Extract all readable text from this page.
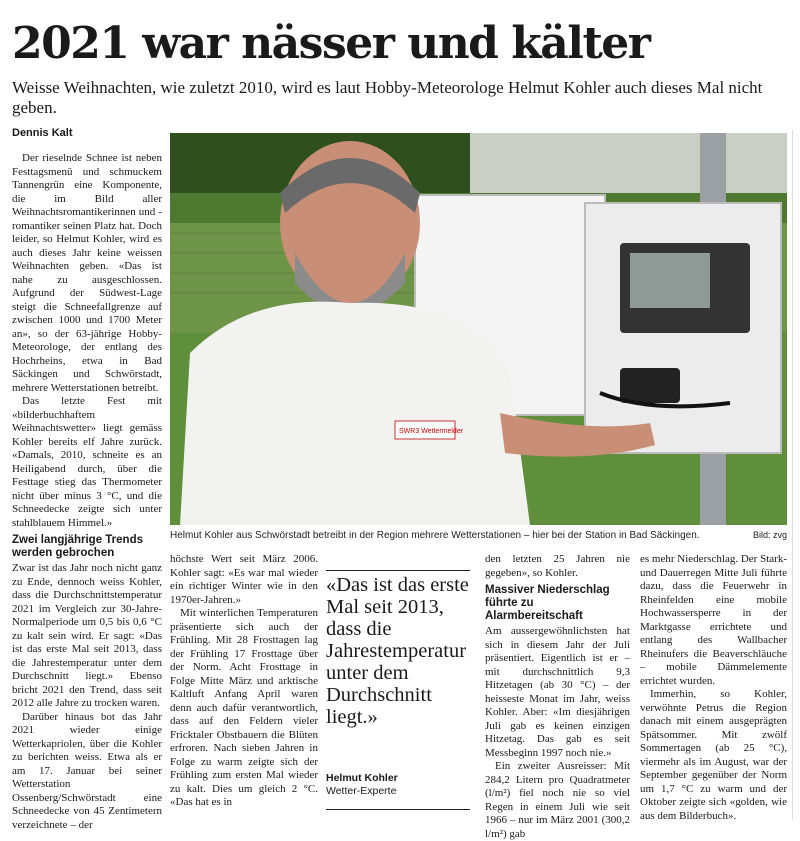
2021 war nässer und kälter

Weisse Weihnachten, wie zuletzt 2010, wird es laut Hobby-Meteorologe Helmut Kohler auch dieses Mal nicht geben.

Dennis Kalt

Der rieselnde Schnee ist neben Festtagsmenü und schmuckem Tannengrün eine Komponente, die im Bild aller Weihnachtsromantikerinnen und -romantiker seinen Platz hat. Doch leider, so Helmut Kohler, wird es auch dieses Jahr keine weissen Weihnachten geben. «Das ist nahe zu ausgeschlossen. Aufgrund der Südwest-Lage steigt die Schneefallgrenze auf zwischen 1000 und 1700 Meter an», so der 63-jährige Hobby-Meteorologe, der entlang des Hochrheins, etwa in Bad Säckingen und Schwörstadt, mehrere Wetterstationen betreibt.

Das letzte Fest mit «bilderbuchhaftem Weihnachtswetter» liegt gemäss Kohler bereits elf Jahre zurück. «Damals, 2010, schneite es an Heiligabend durch, über die Festtage stieg das Thermometer nicht über minus 3 °C, und die Schneedecke zeigte sich unter stahlblauem Himmel.»

Zwei langjährige Trends werden gebrochen

Zwar ist das Jahr noch nicht ganz zu Ende, dennoch weiss Kohler, dass die Durchschnittstemperatur 2021 im Vergleich zur 30-Jahre-Normalperiode um 0,5 bis 0,6 °C zu kalt sein wird. Er sagt: «Das ist das erste Mal seit 2013, dass die Jahrestemperatur unter dem Durchschnitt liegt.» Ebenso bricht 2021 den Trend, dass seit 2012 alle Jahre zu trocken waren.

Darüber hinaus bot das Jahr 2021 wieder einige Wetterkapriolen, über die Kohler zu berichten weiss. Etwa als er am 17. Januar bei seiner Wetterstation Ossenberg/Schwörstadt eine Schneedecke von 45 Zentimetern verzeichnete – der

SWR3 Wettermelder
Helmut Kohler aus Schwörstadt betreibt in der Region mehrere Wetterstationen – hier bei der Station in Bad Säckingen.	Bild: zvg

höchste Wert seit März 2006. Kohler sagt: «Es war mal wieder ein richtiger Winter wie in den 1970er-Jahren.»

Mit winterlichen Temperaturen präsentierte sich auch der Frühling. Mit 28 Frosttagen lag der Frühling 17 Frosttage über der Norm. Acht Frosttage in Folge Mitte März und arktische Kaltluft Anfang April waren denn auch dafür verantwortlich, dass auf den Feldern vieler Fricktaler Obstbauern die Blüten erfroren. Nach sieben Jahren in Folge zu warm zeigte sich der Frühling zum ersten Mal wieder zu kalt. Dies um gleich 2 °C. «Das hat es in

«Das ist das erste Mal seit 2013, dass die Jahrestemperatur unter dem Durchschnitt liegt.»
Helmut Kohler
Wetter-Experte

den letzten 25 Jahren nie gegeben», so Kohler.

Massiver Niederschlag führte zu Alarmbereitschaft

Am aussergewöhnlichsten hat sich in diesem Jahr der Juli präsentiert. Eigentlich ist er – mit durchschnittlich 9,3 Hitzetagen (ab 30 °C) – der heisseste Monat im Jahr, weiss Kohler. Aber: «Im diesjährigen Juli gab es keinen einzigen Hitzetag. Das gab es seit Messbeginn 1997 noch nie.»

Ein zweiter Ausreisser: Mit 284,2 Litern pro Quadratmeter (l/m²) fiel noch nie so viel Regen in einem Juli wie seit 1966 – nur im März 2001 (300,2 l/m²) gab

es mehr Niederschlag. Der Stark- und Dauerregen Mitte Juli führte dazu, dass die Feuerwehr in Rheinfelden eine mobile Hochwassersperre in der Marktgasse errichtete und entlang des Wallbacher Rheinufers die Beaverschläuche – mobile Dämmelemente errichtet wurden.

Immerhin, so Kohler, verwöhnte Petrus die Region danach mit einem ausgeprägten Spätsommer. Mit zwölf Sommertagen (ab 25 °C), viermehr als im August, war der September gegenüber der Norm um 1,7 °C zu warm und der Oktober zeigte sich «golden, wie aus dem Bilderbuch».
